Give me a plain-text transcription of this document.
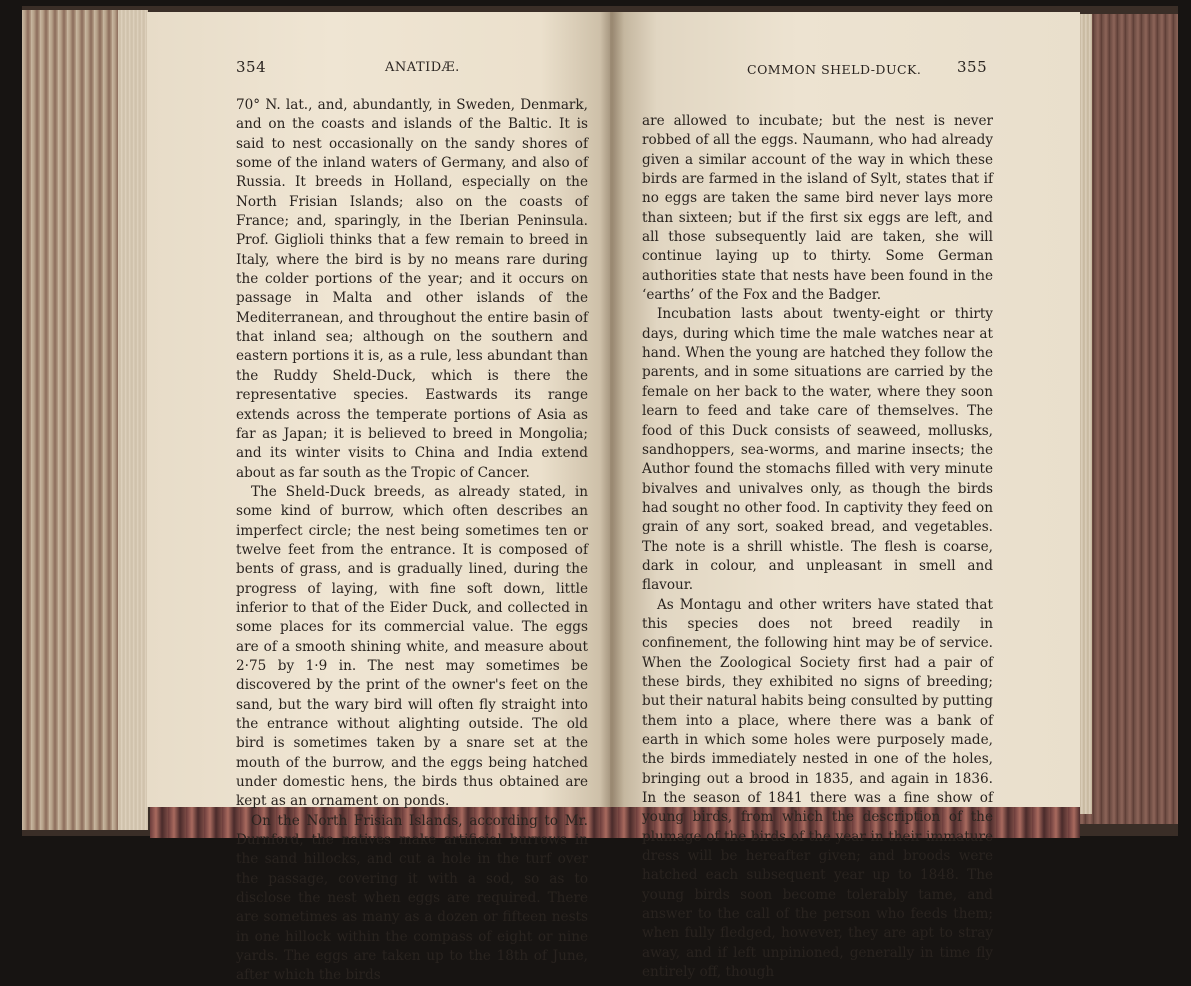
354	ANATIDÆ.	COMMON SHELD-DUCK. 355

70° N. lat., and, abundantly, in Sweden, Denmark, and on the coasts and islands of the Baltic. It is said to nest occasionally on the sandy shores of some of the inland waters of Germany, and also of Russia. It breeds in Holland, especially on the North Frisian Islands; also on the coasts of France; and, sparingly, in the Iberian Peninsula. Prof. Giglioli thinks that a few remain to breed in Italy, where the bird is by no means rare during the colder portions of the year; and it occurs on passage in Malta and other islands of the Mediterranean, and throughout the entire basin of that inland sea; although on the southern and eastern portions it is, as a rule, less abundant than the Ruddy Sheld-Duck, which is there the representative species. Eastwards its range extends across the temperate portions of Asia as far as Japan; it is believed to breed in Mongolia; and its winter visits to China and India extend about as far south as the Tropic of Cancer.

The Sheld-Duck breeds, as already stated, in some kind of burrow, which often describes an imperfect circle; the nest being sometimes ten or twelve feet from the entrance. It is composed of bents of grass, and is gradually lined, during the progress of laying, with fine soft down, little inferior to that of the Eider Duck, and collected in some places for its commercial value. The eggs are of a smooth shining white, and measure about 2·75 by 1·9 in. The nest may sometimes be discovered by the print of the owner's feet on the sand, but the wary bird will often fly straight into the entrance without alighting outside. The old bird is sometimes taken by a snare set at the mouth of the burrow, and the eggs being hatched under domestic hens, the birds thus obtained are kept as an ornament on ponds.

On the North Frisian Islands, according to Mr. Durnford, the natives make artificial burrows in the sand hillocks, and cut a hole in the turf over the passage, covering it with a sod, so as to disclose the nest when eggs are required. There are sometimes as many as a dozen or fifteen nests in one hillock within the compass of eight or nine yards. The eggs are taken up to the 18th of June, after which the birds

are allowed to incubate; but the nest is never robbed of all the eggs. Naumann, who had already given a similar account of the way in which these birds are farmed in the island of Sylt, states that if no eggs are taken the same bird never lays more than sixteen; but if the first six eggs are left, and all those subsequently laid are taken, she will continue laying up to thirty. Some German authorities state that nests have been found in the ‘earths’ of the Fox and the Badger.

Incubation lasts about twenty-eight or thirty days, during which time the male watches near at hand. When the young are hatched they follow the parents, and in some situations are carried by the female on her back to the water, where they soon learn to feed and take care of themselves. The food of this Duck consists of seaweed, mollusks, sandhoppers, sea-worms, and marine insects; the Author found the stomachs filled with very minute bivalves and univalves only, as though the birds had sought no other food. In captivity they feed on grain of any sort, soaked bread, and vegetables. The note is a shrill whistle. The flesh is coarse, dark in colour, and unpleasant in smell and flavour.

As Montagu and other writers have stated that this species does not breed readily in confinement, the following hint may be of service. When the Zoological Society first had a pair of these birds, they exhibited no signs of breeding; but their natural habits being consulted by putting them into a place, where there was a bank of earth in which some holes were purposely made, the birds immediately nested in one of the holes, bringing out a brood in 1835, and again in 1836. In the season of 1841 there was a fine show of young birds, from which the description of the plumage of the birds of the year in their immature dress will be hereafter given; and broods were hatched each subsequent year up to 1848. The young birds soon become tolerably tame, and answer to the call of the person who feeds them; when fully fledged, however, they are apt to stray away, and if left unpinioned, generally in time fly entirely off, though
